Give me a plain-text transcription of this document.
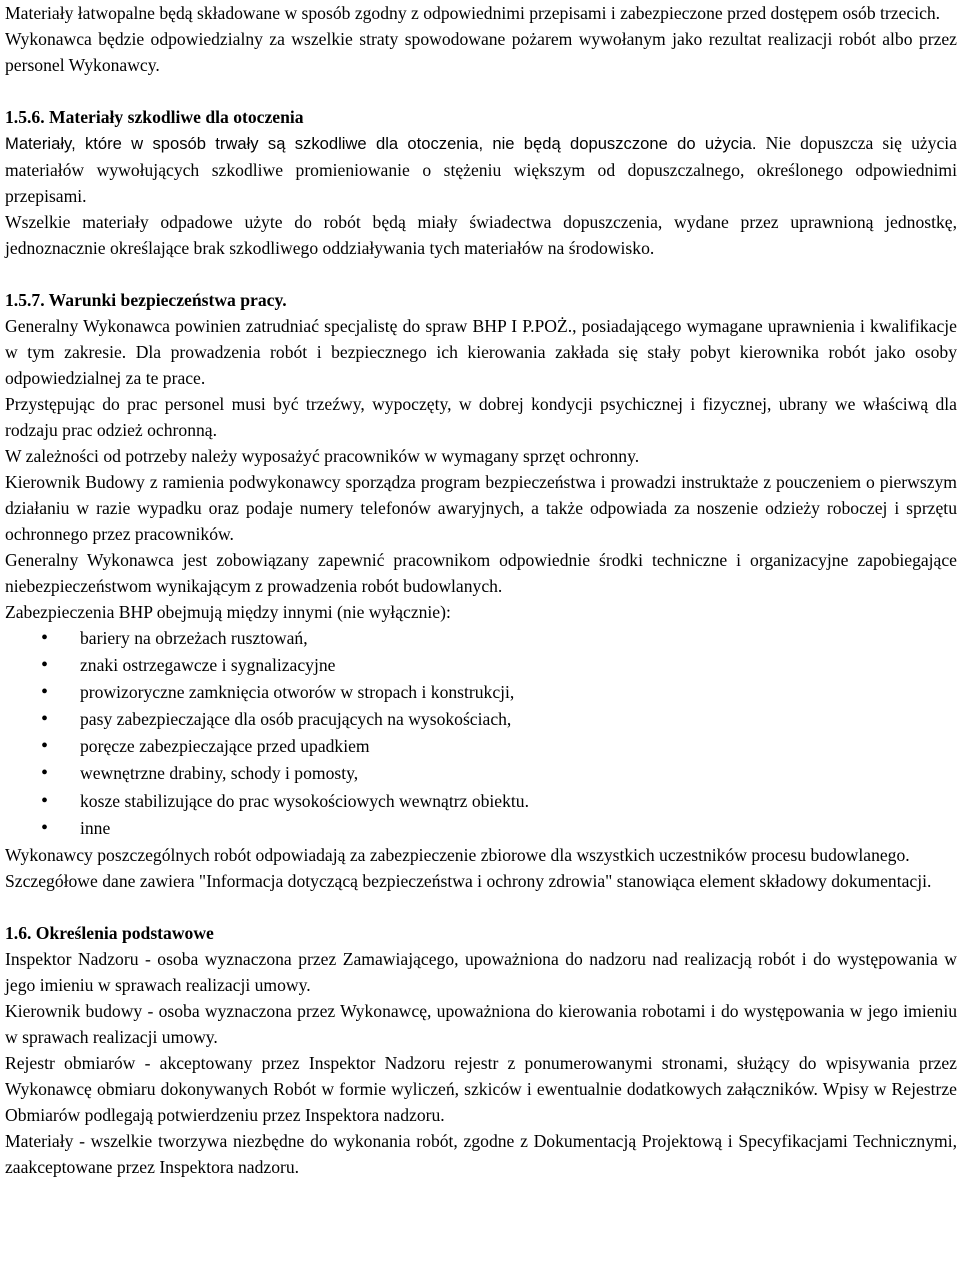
Materiały łatwopalne będą składowane w sposób zgodny z odpowiednimi przepisami i zabezpieczone przed dostępem osób trzecich.

Wykonawca będzie odpowiedzialny za wszelkie straty spowodowane pożarem wywołanym jako rezultat realizacji robót albo przez personel Wykonawcy.

1.5.6. Materiały szkodliwe dla otoczenia

Materiały, które w sposób trwały są szkodliwe dla otoczenia, nie będą dopuszczone do użycia. Nie dopuszcza się użycia materiałów wywołujących szkodliwe promieniowanie o stężeniu większym od dopuszczalnego, określonego odpowiednimi przepisami.

Wszelkie materiały odpadowe użyte do robót będą miały świadectwa dopuszczenia, wydane przez uprawnioną jednostkę, jednoznacznie określające brak szkodliwego oddziaływania tych materiałów na środowisko.

1.5.7. Warunki bezpieczeństwa pracy.

Generalny Wykonawca powinien zatrudniać specjalistę do spraw BHP I P.POŻ., posiadającego wymagane uprawnienia i kwalifikacje w tym zakresie. Dla prowadzenia robót i bezpiecznego ich kierowania zakłada się stały pobyt kierownika robót jako osoby odpowiedzialnej za te prace.

Przystępując do prac personel musi być trzeźwy, wypoczęty, w dobrej kondycji psychicznej i fizycznej, ubrany we właściwą dla rodzaju prac odzież ochronną.

W zależności od potrzeby należy wyposażyć pracowników w wymagany sprzęt ochronny.

Kierownik Budowy z ramienia podwykonawcy sporządza program bezpieczeństwa i prowadzi instruktaże z pouczeniem o pierwszym działaniu w razie wypadku oraz podaje numery telefonów awaryjnych, a także odpowiada za noszenie odzieży roboczej i sprzętu ochronnego przez pracowników.

Generalny Wykonawca jest zobowiązany zapewnić pracownikom odpowiednie środki techniczne i organizacyjne zapobiegające niebezpieczeństwom wynikającym z prowadzenia robót budowlanych.

Zabezpieczenia BHP obejmują między innymi (nie wyłącznie):

• bariery na obrzeżach rusztowań,
• znaki ostrzegawcze i sygnalizacyjne
• prowizoryczne zamknięcia otworów w stropach i konstrukcji,
• pasy zabezpieczające dla osób pracujących na wysokościach,
• poręcze zabezpieczające przed upadkiem
• wewnętrzne drabiny, schody i pomosty,
• kosze stabilizujące do prac wysokościowych wewnątrz obiektu.
• inne

Wykonawcy poszczególnych robót odpowiadają za zabezpieczenie zbiorowe dla wszystkich uczestników procesu budowlanego.

Szczegółowe dane zawiera "Informacja dotyczącą bezpieczeństwa i ochrony zdrowia" stanowiąca element składowy dokumentacji.

1.6. Określenia podstawowe

Inspektor Nadzoru - osoba wyznaczona przez Zamawiającego, upoważniona do nadzoru nad realizacją robót i do występowania w jego imieniu w sprawach realizacji umowy.

Kierownik budowy - osoba wyznaczona przez Wykonawcę, upoważniona do kierowania robotami i do występowania w jego imieniu w sprawach realizacji umowy.

Rejestr obmiarów - akceptowany przez Inspektor Nadzoru rejestr z ponumerowanymi stronami, służący do wpisywania przez Wykonawcę obmiaru dokonywanych Robót w formie wyliczeń, szkiców i ewentualnie dodatkowych załączników. Wpisy w Rejestrze Obmiarów podlegają potwierdzeniu przez Inspektora nadzoru.

Materiały - wszelkie tworzywa niezbędne do wykonania robót, zgodne z Dokumentacją Projektową i Specyfikacjami Technicznymi, zaakceptowane przez Inspektora nadzoru.
